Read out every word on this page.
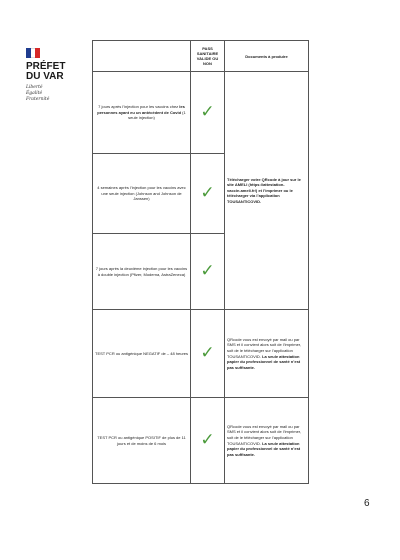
PRÉFET
DU VAR
Liberté
Égalité
Fraternité
	PASS SANITAIRE VALIDE OU NON	Documents à produire
7 jours après l’injection pour les vaccins chez les personnes ayant eu un antécédent de Covid (1 seule injection)	✓	Télécharger votre QRcode à jour sur le site AMELI (https://attestation-vaccin.ameli.fr/) et l’imprimer ou le télécharger via l’application TOUSANTICOVID.
4 semaines après l’injection pour les vaccins avec une seule injection (Johnson and Johnson de Janssen)	✓	
7 jours après la deuxième injection pour les vaccins à double injection (Pfizer, Moderna, AstraZeneca)	✓	
TEST PCR ou antigénique NEGATIF de – 48 heures	✓	QRcode vous est envoyé par mail ou par SMS et il convient alors soit de l’imprimer, soit de le télécharger sur l’application TOUSANTICOVID. La seule attestation papier du professionnel de santé n’est pas suffisante.
TEST PCR ou antigénique POSITIF de plus de 11 jours et de moins de 6 mois	✓	QRcode vous est envoyé par mail ou par SMS et il convient alors soit de l’imprimer, soit de le télécharger sur l’application TOUSANTICOVID. La seule attestation papier du professionnel de santé n’est pas suffisante.
6
